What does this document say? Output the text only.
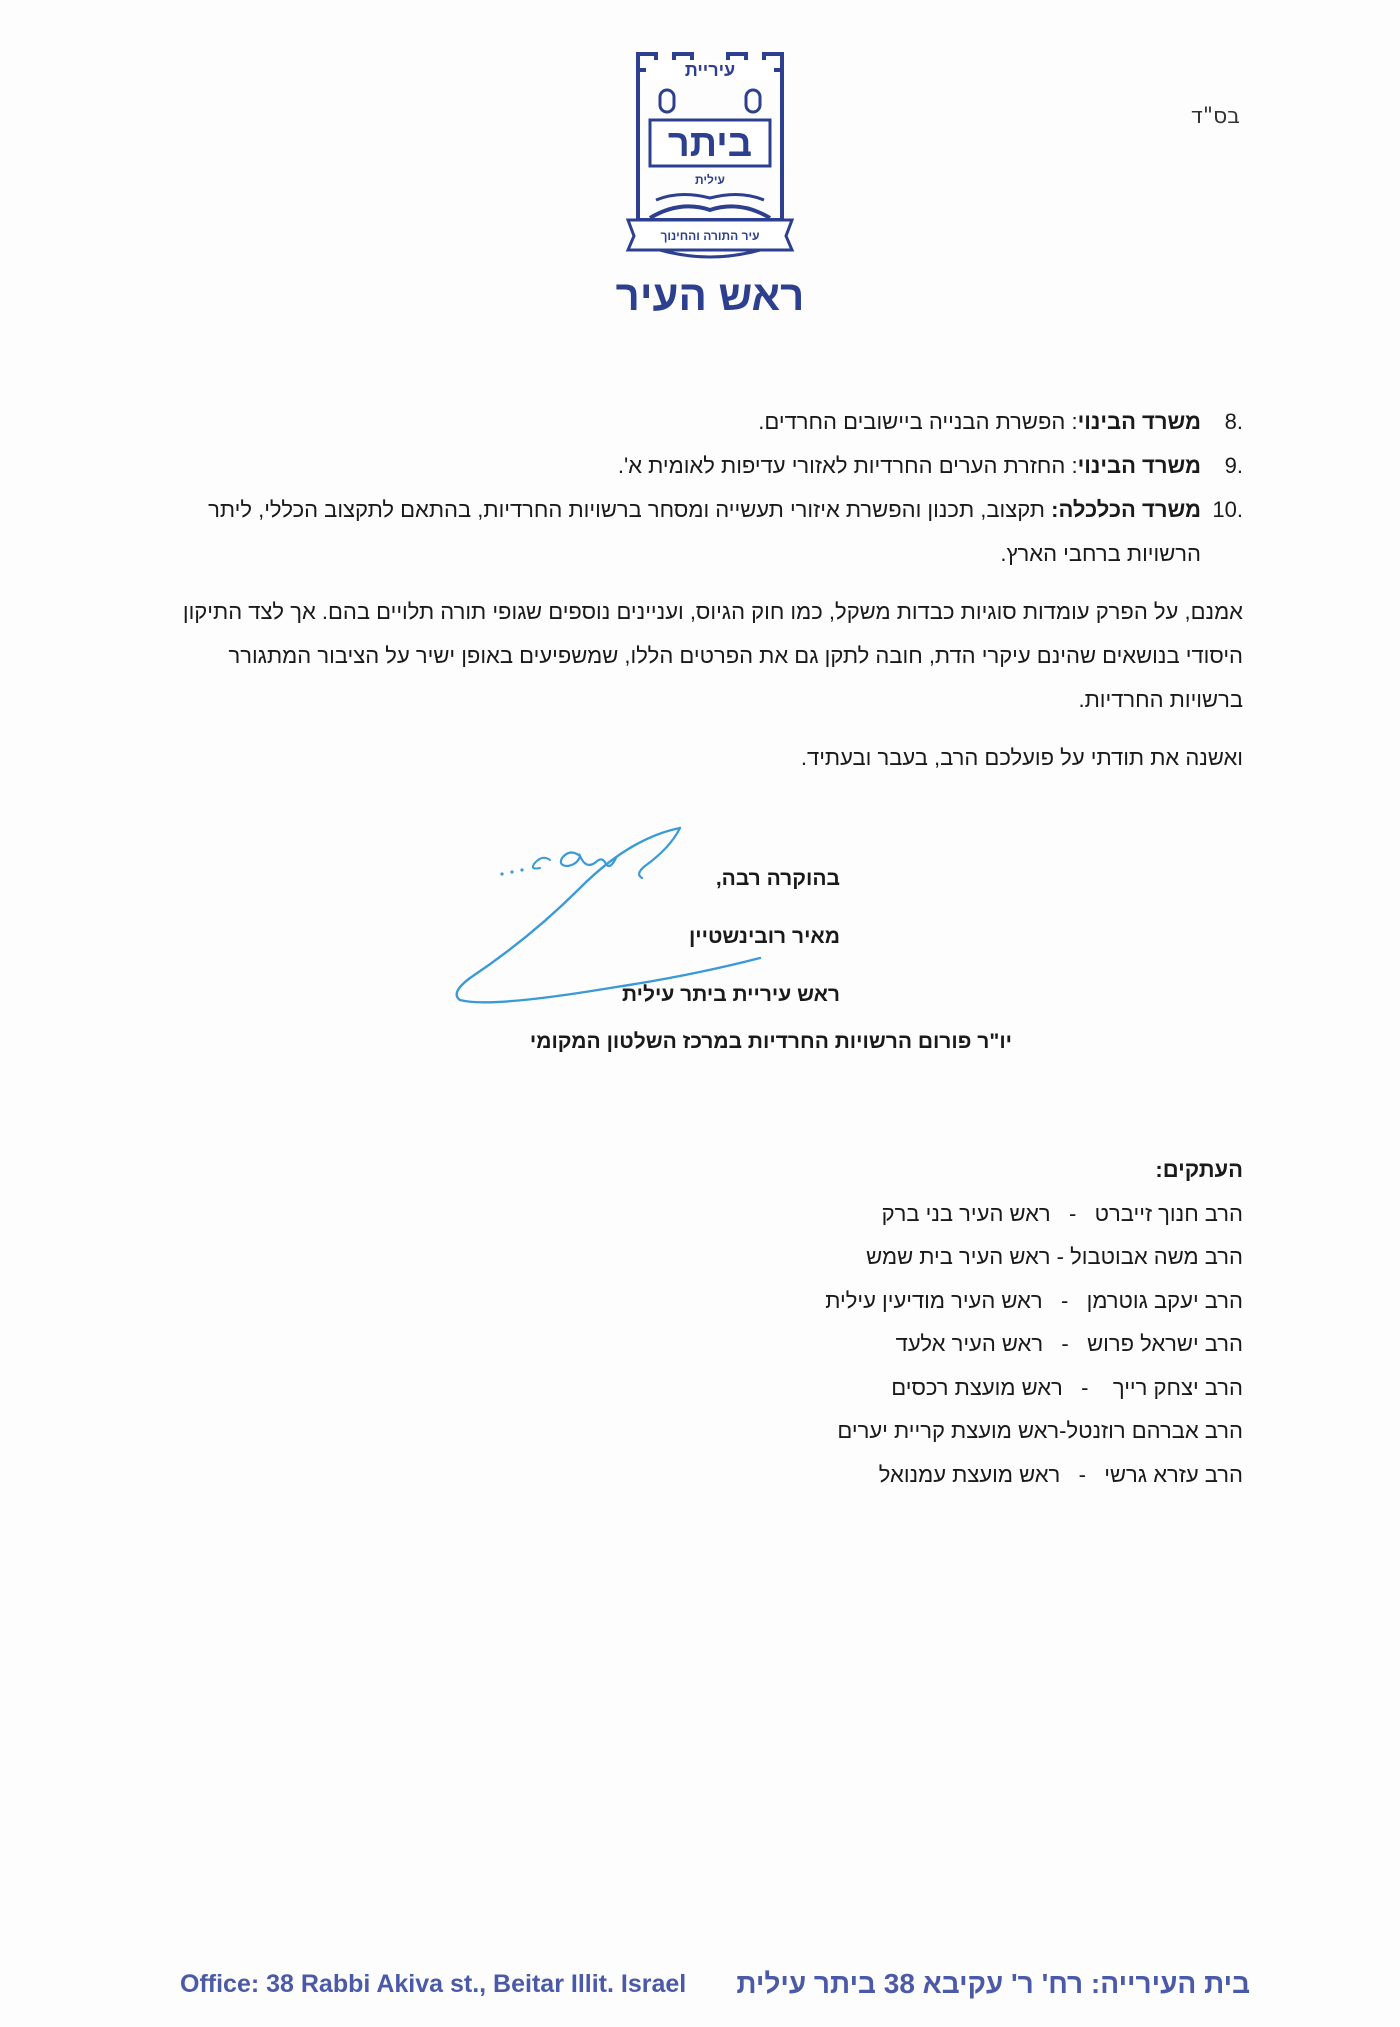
בס"ד
עיריית
ביתר
עילית
עיר התורה והחינוך
ראש העיר
.8
משרד הבינוי: הפשרת הבנייה ביישובים החרדים.
.9
משרד הבינוי: החזרת הערים החרדיות לאזורי עדיפות לאומית א'.
.10
משרד הכלכלה: תקצוב, תכנון והפשרת איזורי תעשייה ומסחר ברשויות החרדיות, בהתאם לתקצוב הכללי, ליתר הרשויות ברחבי הארץ.
אמנם, על הפרק עומדות סוגיות כבדות משקל, כמו חוק הגיוס, ועניינים נוספים שגופי תורה תלויים בהם. אך לצד התיקון היסודי בנושאים שהינם עיקרי הדת, חובה לתקן גם את הפרטים הללו, שמשפיעים באופן ישיר על הציבור המתגורר ברשויות החרדיות.
ואשנה את תודתי על פועלכם הרב, בעבר ובעתיד.
בהוקרה רבה,
מאיר רובינשטיין
ראש עיריית ביתר עילית
יו"ר פורום הרשויות החרדיות במרכז השלטון המקומי
העתקים:
הרב חנוך זייברט   -   ראש העיר בני ברק
הרב משה אבוטבול - ראש העיר בית שמש
הרב יעקב גוטרמן   -   ראש העיר מודיעין עילית
הרב ישראל פרוש   -   ראש העיר אלעד
הרב יצחק רייך    -   ראש מועצת רכסים
הרב אברהם רוזנטל-ראש מועצת קריית יערים
הרב עזרא גרשי   -   ראש מועצת עמנואל
Office: 38 Rabbi Akiva st., Beitar Illit. Israel בית העירייה: רח' ר' עקיבא 38 ביתר עילית
